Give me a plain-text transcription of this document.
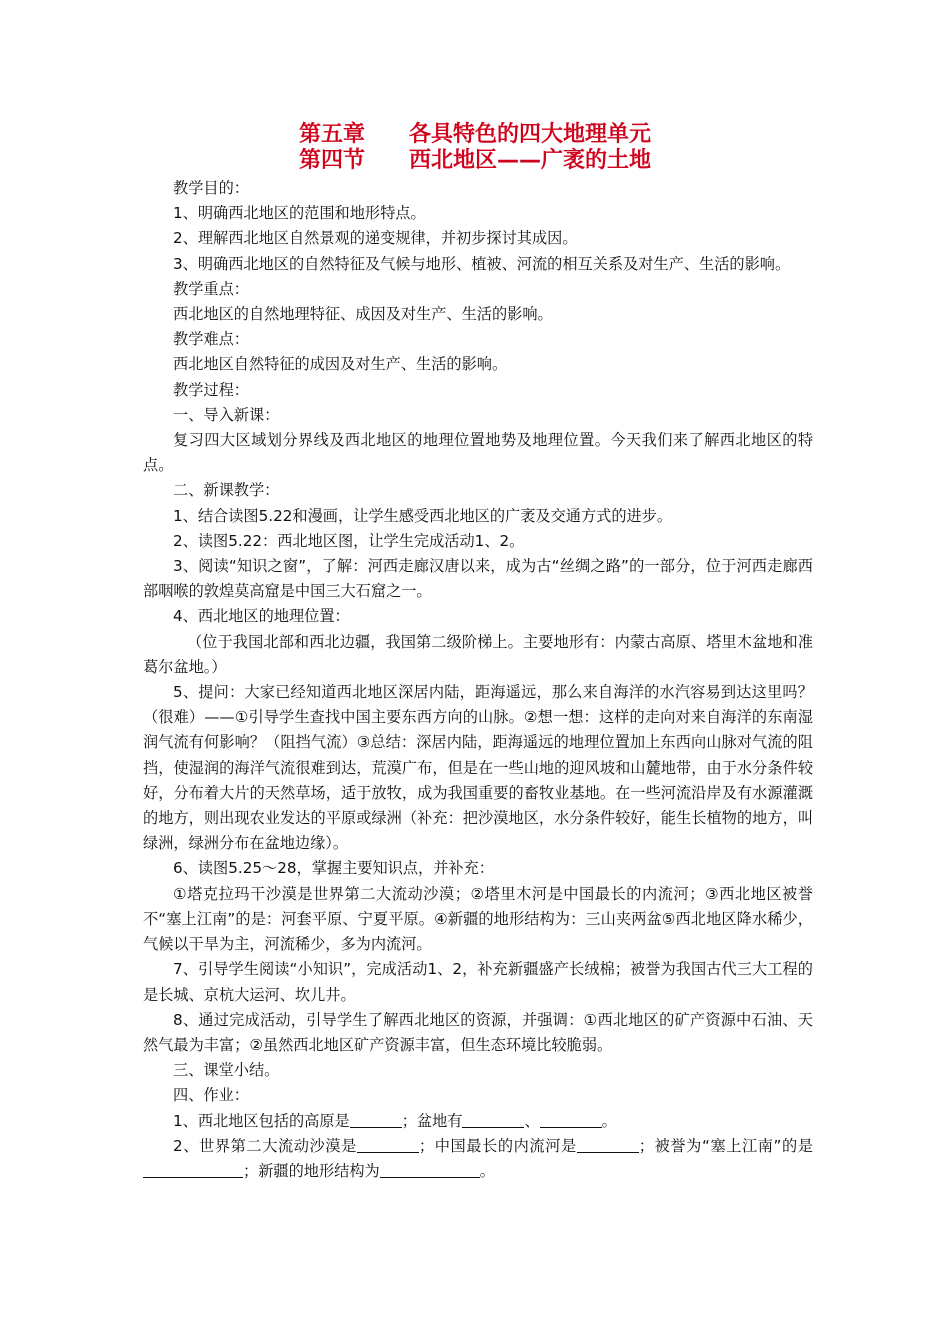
第五章　　各具特色的四大地理单元
第四节　　西北地区——广袤的土地

教学目的：

1、明确西北地区的范围和地形特点。

2、理解西北地区自然景观的递变规律，并初步探讨其成因。

3、明确西北地区的自然特征及气候与地形、植被、河流的相互关系及对生产、生活的影响。

教学重点：

西北地区的自然地理特征、成因及对生产、生活的影响。

教学难点：

西北地区自然特征的成因及对生产、生活的影响。

教学过程：

一、导入新课：

复习四大区域划分界线及西北地区的地理位置地势及地理位置。今天我们来了解西北地区的特点。

二、新课教学：

1、结合读图5.22和漫画，让学生感受西北地区的广袤及交通方式的进步。

2、读图5.22：西北地区图，让学生完成活动1、2。

3、阅读“知识之窗”，了解：河西走廊汉唐以来，成为古“丝绸之路”的一部分，位于河西走廊西部咽喉的敦煌莫高窟是中国三大石窟之一。

4、西北地区的地理位置：

（位于我国北部和西北边疆，我国第二级阶梯上。主要地形有：内蒙古高原、塔里木盆地和准葛尔盆地。）

5、提问：大家已经知道西北地区深居内陆，距海遥远，那么来自海洋的水汽容易到达这里吗？（很难）——①引导学生查找中国主要东西方向的山脉。②想一想：这样的走向对来自海洋的东南湿润气流有何影响？（阻挡气流）③总结：深居内陆，距海遥远的地理位置加上东西向山脉对气流的阻挡，使湿润的海洋气流很难到达，荒漠广布，但是在一些山地的迎风坡和山麓地带，由于水分条件较好，分布着大片的天然草场，适于放牧，成为我国重要的畜牧业基地。在一些河流沿岸及有水源灌溉的地方，则出现农业发达的平原或绿洲（补充：把沙漠地区，水分条件较好，能生长植物的地方，叫绿洲，绿洲分布在盆地边缘）。

6、读图5.25～28，掌握主要知识点，并补充：

①塔克拉玛干沙漠是世界第二大流动沙漠；②塔里木河是中国最长的内流河；③西北地区被誉不“塞上江南”的是：河套平原、宁夏平原。④新疆的地形结构为：三山夹两盆⑤西北地区降水稀少，气候以干旱为主，河流稀少，多为内流河。

7、引导学生阅读“小知识”，完成活动1、2，补充新疆盛产长绒棉；被誉为我国古代三大工程的是长城、京杭大运河、坎儿井。

8、通过完成活动，引导学生了解西北地区的资源，并强调：①西北地区的矿产资源中石油、天然气最为丰富；②虽然西北地区矿产资源丰富，但生态环境比较脆弱。

三、课堂小结。

四、作业：

1、西北地区包括的高原是	；盆地有	、	。

2、世界第二大流动沙漠是	；中国最长的内流河是	；被誉为“塞上江南”的是；新疆的地形结构为	。
